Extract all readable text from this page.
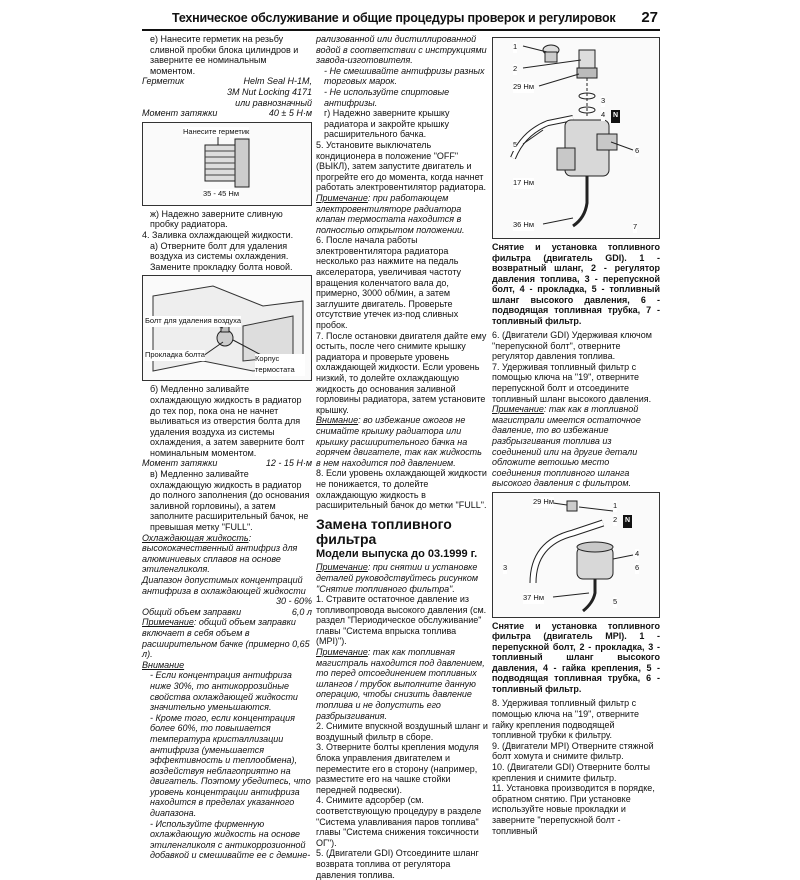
Техническое обслуживание и общие процедуры проверок и регулировок 27

e) Нанесите герметик на резьбу сливной пробки блока цилиндров и заверните ее номинальным моментом.

Герметик	Helm Seal H-1M,
3M Nut Locking 4171
или равнозначный
Момент затяжки	40 ± 5 Н·м
Нанесите герметик
35 - 45 Нм

ж) Надежно заверните сливную пробку радиатора.

4. Заливка охлаждающей жидкости.

a) Отверните болт для удаления воздуха из системы охлаждения. Замените прокладку болта новой.

Болт для удаления воздуха
Прокладка болта	Корпус термостата

б) Медленно заливайте охлаждающую жидкость в радиатор до тех пор, пока она не начнет выливаться из отверстия болта для удаления воздуха из системы охлаждения, а затем заверните болт номинальным моментом.

Момент затяжки	12 - 15 Н·м

в) Медленно заливайте охлаждающую жидкость в радиатор до полного заполнения (до основания заливной горловины), а затем заполните расширительный бачок, не превышая метку "FULL".

Охлаждающая жидкость: высококачественный антифриз для алюминиевых сплавов на основе этиленгликоля.

Диапазон допустимых концентраций антифриза в охлаждающей жидкости

30 - 60%
Общий объем заправки	6,0 л

Примечание: общий объем заправки включает в себя объем в расширительном бачке (примерно 0,65 л).

Внимание

- Если концентрация антифриза ниже 30%, то антикоррозийные свойства охлаждающей жидкости значительно уменьшаются.

- Кроме того, если концентрация более 60%, то повышается температура кристаллизации антифриза (уменьшается эффективность и теплообмена), воздействуя неблагоприятно на двигатель. Поэтому убедитесь, что уровень концентрации антифриза находится в пределах указанного диапазона.

- Используйте фирменную охлаждающую жидкость на основе этиленгликоля с антикоррозионной добавкой и смешивайте ее с демине-

рализованной или дистиллированной водой в соответствии с инструкциями завода-изготовителя.

- Не смешивайте антифризы разных торговых марок.

- Не используйте спиртовые антифризы.

г) Надежно заверните крышку радиатора и закройте крышку расширительного бачка.

5. Установите выключатель кондиционера в положение "OFF" (ВЫКЛ), затем запустите двигатель и прогрейте его до момента, когда начнет работать электровентилятор радиатора.

Примечание: при работающем электровентиляторе радиатора клапан термостата находится в полностью открытом положении.

6. После начала работы электровентилятора радиатора несколько раз нажмите на педаль акселератора, увеличивая частоту вращения коленчатого вала до, примерно, 3000 об/мин, а затем заглушите двигатель. Проверьте отсутствие утечек из-под сливных пробок.

7. После остановки двигателя дайте ему остыть, после чего снимите крышку радиатора и проверьте уровень охлаждающей жидкости. Если уровень низкий, то долейте охлаждающую жидкость до основания заливной горловины радиатора, затем установите крышку.

Внимание: во избежание ожогов не снимайте крышку радиатора или крышку расширительного бачка на горячем двигателе, так как жидкость в нем находится под давлением.

8. Если уровень охлаждающей жидкости не понижается, то долейте охлаждающую жидкость в расширительный бачок до метки "FULL".

Замена топливного фильтра
Модели выпуска до 03.1999 г.

Примечание: при снятии и установке деталей руководствуйтесь рисунком "Снятие топливного фильтра".

1. Стравите остаточное давление из топливопровода высокого давления (см. раздел "Периодическое обслуживание" главы "Система впрыска топлива (MPI)").

Примечание: так как топливная магистраль находится под давлением, то перед отсоединением топливных шлангов / трубок выполните данную операцию, чтобы снизить давление топлива и не допустить его разбрызгивания.

2. Снимите впускной воздушный шланг и воздушный фильтр в сборе.

3. Отверните болты крепления модуля блока управления двигателем и переместите его в сторону (например, разместите его на чашке стойки передней подвески).

4. Снимите адсорбер (см. соответствующую процедуру в разделе "Система улавливания паров топлива" главы "Система снижения токсичности ОГ").

5. (Двигатели GDI) Отсоедините шланг возврата топлива от регулятора давления топлива.

1
2
29 Нм
3
4 N
5
17 Нм
6
36 Нм	7
Снятие и установка топливного фильтра (двигатель GDI). 1 - возвратный шланг, 2 - регулятор давления топлива, 3 - перепускной болт, 4 - прокладка, 5 - топливный шланг высокого давления, 6 - подводящая топливная трубка, 7 - топливный фильтр.

6. (Двигатели GDI) Удерживая ключом "перепускной болт", отверните регулятор давления топлива.

7. Удерживая топливный фильтр с помощью ключа на "19", отверните перепускной болт и отсоедините топливный шланг высокого давления.

Примечание: так как в топливной магистрали имеется остаточное давление, то во избежание разбрызгивания топлива из соединений или на другие детали обложите ветошью место соединения топливного шланга высокого давления с фильтром.

29 Нм	1
2 N
3
4
6
5
37 Нм
Снятие и установка топливного фильтра (двигатель MPI). 1 - перепускной болт, 2 - прокладка, 3 - топливный шланг высокого давления, 4 - гайка крепления, 5 - подводящая топливная трубка, 6 - топливный фильтр.

8. Удерживая топливный фильтр с помощью ключа на "19", отверните гайку крепления подводящей топливной трубки к фильтру.

9. (Двигатели MPI) Отверните стяжной болт хомута и снимите фильтр.

10. (Двигатели GDI) Отверните болты крепления и снимите фильтр.

11. Установка производится в порядке, обратном снятию. При установке используйте новые прокладки и заверните "перепускной болт - топливный
